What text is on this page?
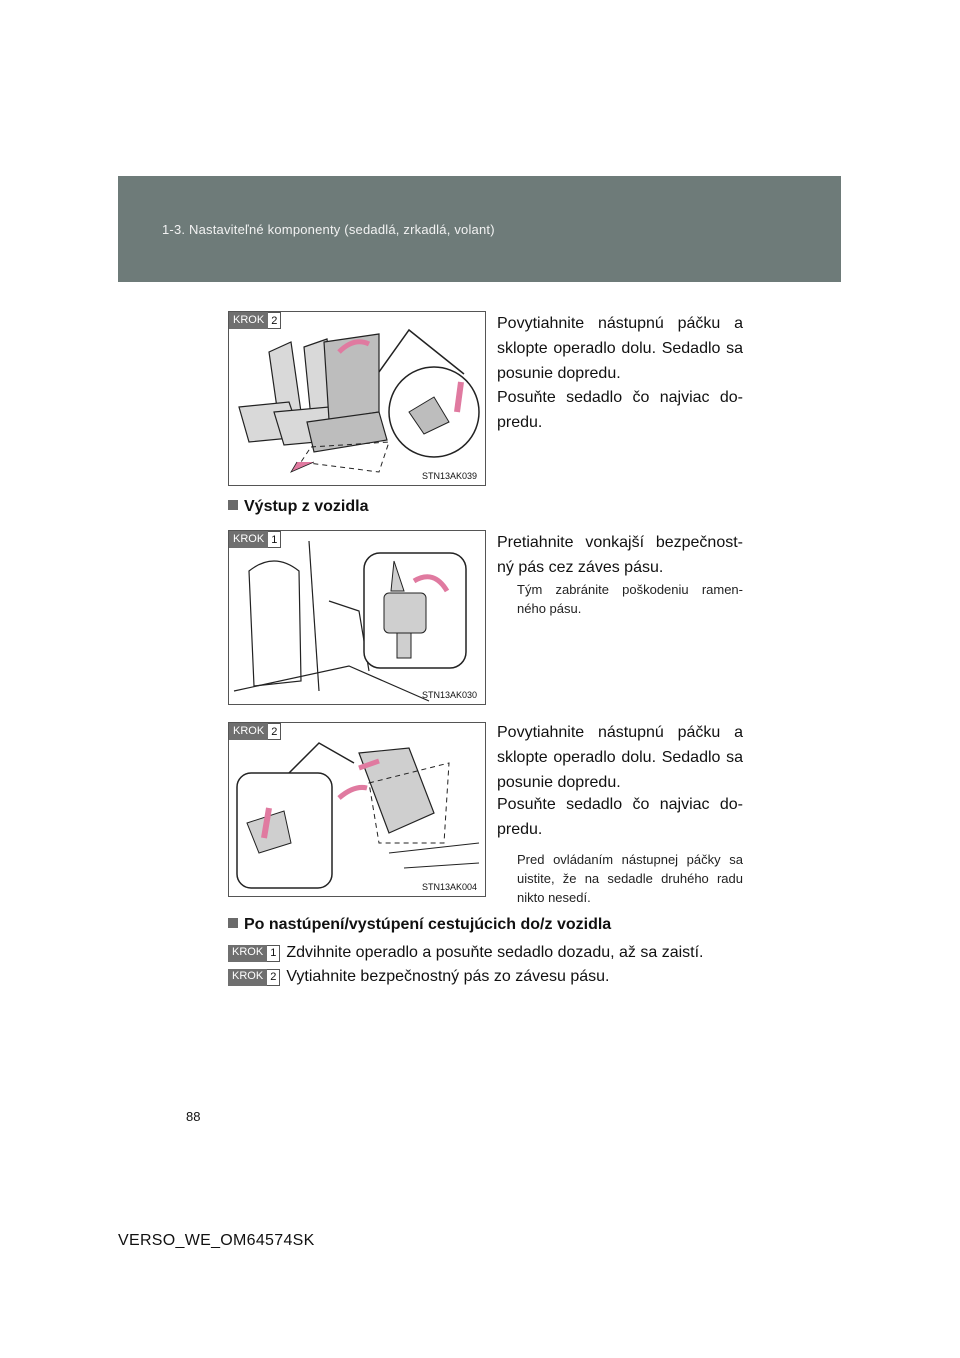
1-3. Nastaviteľné komponenty (sedadlá, zrkadlá, volant)
KROK 2
STN13AK039
Povytiahnite nástupnú páčku a sklopte operadlo dolu. Sedadlo sa posunie dopredu.
Posuňte sedadlo čo najviac do-predu.
Výstup z vozidla
KROK 1
STN13AK030
Pretiahnite vonkajší bezpečnost-ný pás cez záves pásu.
Tým zabránite poškodeniu ramen-ného pásu.
KROK 2
STN13AK004
Povytiahnite nástupnú páčku a sklopte operadlo dolu. Sedadlo sa posunie dopredu.
Posuňte sedadlo čo najviac do-predu.
Pred ovládaním nástupnej páčky sa uistite, že na sedadle druhého radu nikto nesedí.
Po nastúpení/vystúpení cestujúcich do/z vozidla
KROK 1 Zdvihnite operadlo a posuňte sedadlo dozadu, až sa zaistí.
KROK 2 Vytiahnite bezpečnostný pás zo závesu pásu.
88
VERSO_WE_OM64574SK
